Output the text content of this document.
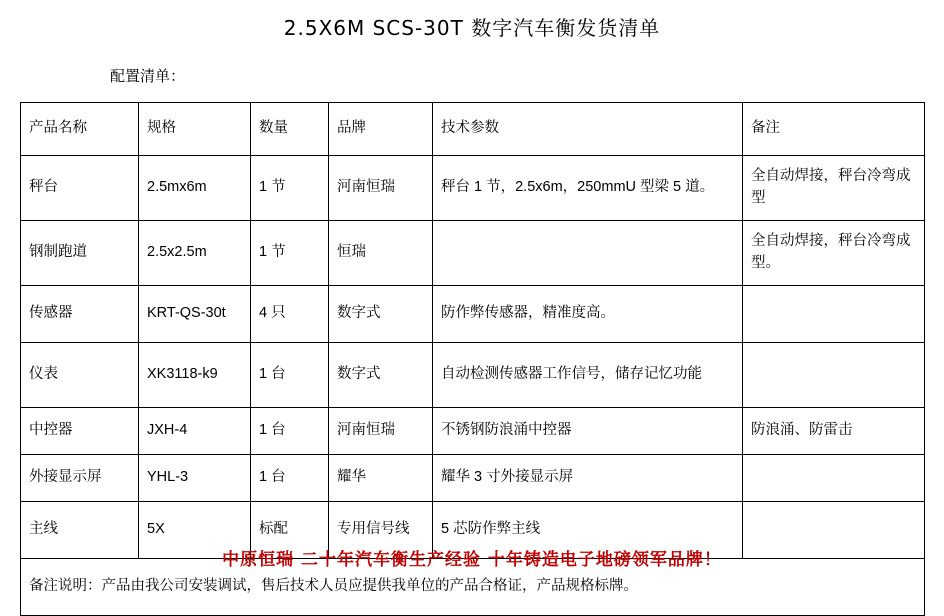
2.5X6M SCS-30T 数字汽车衡发货清单
配置清单：
产品名称	规格	数量	品牌	技术参数	备注
秤台	2.5mx6m	1 节	河南恒瑞	秤台 1 节，2.5x6m，250mmU 型梁 5 道。	全自动焊接，秤台冷弯成型
钢制跑道	2.5x2.5m	1 节	恒瑞		全自动焊接，秤台冷弯成型。
传感器	KRT-QS-30t	4 只	数字式	防作弊传感器，精准度高。	
仪表	XK3118-k9	1 台	数字式	自动检测传感器工作信号，储存记忆功能	
中控器	JXH-4	1 台	河南恒瑞	不锈钢防浪涌中控器	防浪涌、防雷击
外接显示屏	YHL-3	1 台	耀华	耀华 3 寸外接显示屏	
主线	5X	标配	专用信号线	5 芯防作弊主线	
备注说明：产品由我公司安装调试，售后技术人员应提供我单位的产品合格证，产品规格标牌。					
中原恒瑞 二十年汽车衡生产经验 十年铸造电子地磅领军品牌！
